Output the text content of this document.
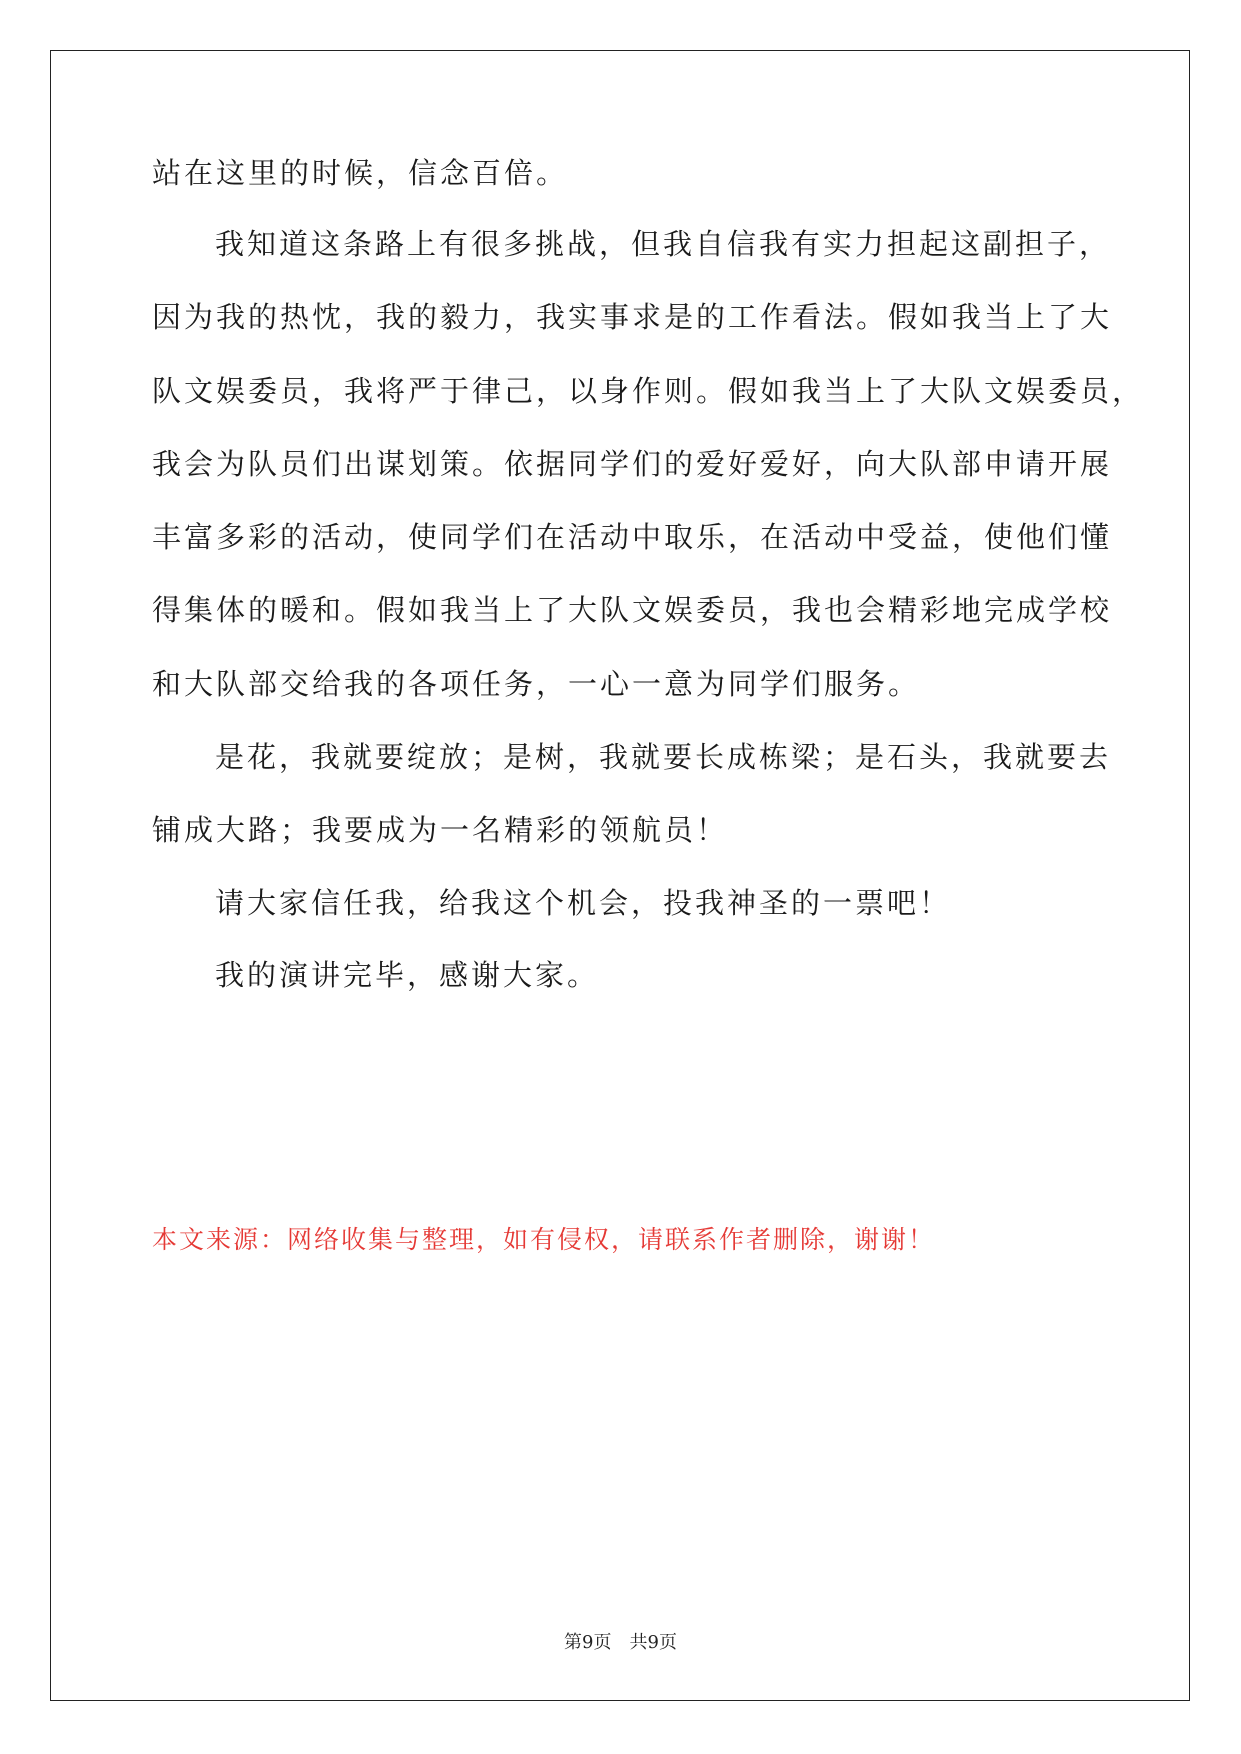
站在这里的时候，信念百倍。
我知道这条路上有很多挑战，但我自信我有实力担起这副担子，
因为我的热忱，我的毅力，我实事求是的工作看法。假如我当上了大
队文娱委员，我将严于律己，以身作则。假如我当上了大队文娱委员，
我会为队员们出谋划策。依据同学们的爱好爱好，向大队部申请开展
丰富多彩的活动，使同学们在活动中取乐，在活动中受益，使他们懂
得集体的暖和。假如我当上了大队文娱委员，我也会精彩地完成学校
和大队部交给我的各项任务，一心一意为同学们服务。
是花，我就要绽放；是树，我就要长成栋梁；是石头，我就要去
铺成大路；我要成为一名精彩的领航员！
请大家信任我，给我这个机会，投我神圣的一票吧！
我的演讲完毕，感谢大家。
本文来源：网络收集与整理，如有侵权，请联系作者删除，谢谢！
第9页 共9页
